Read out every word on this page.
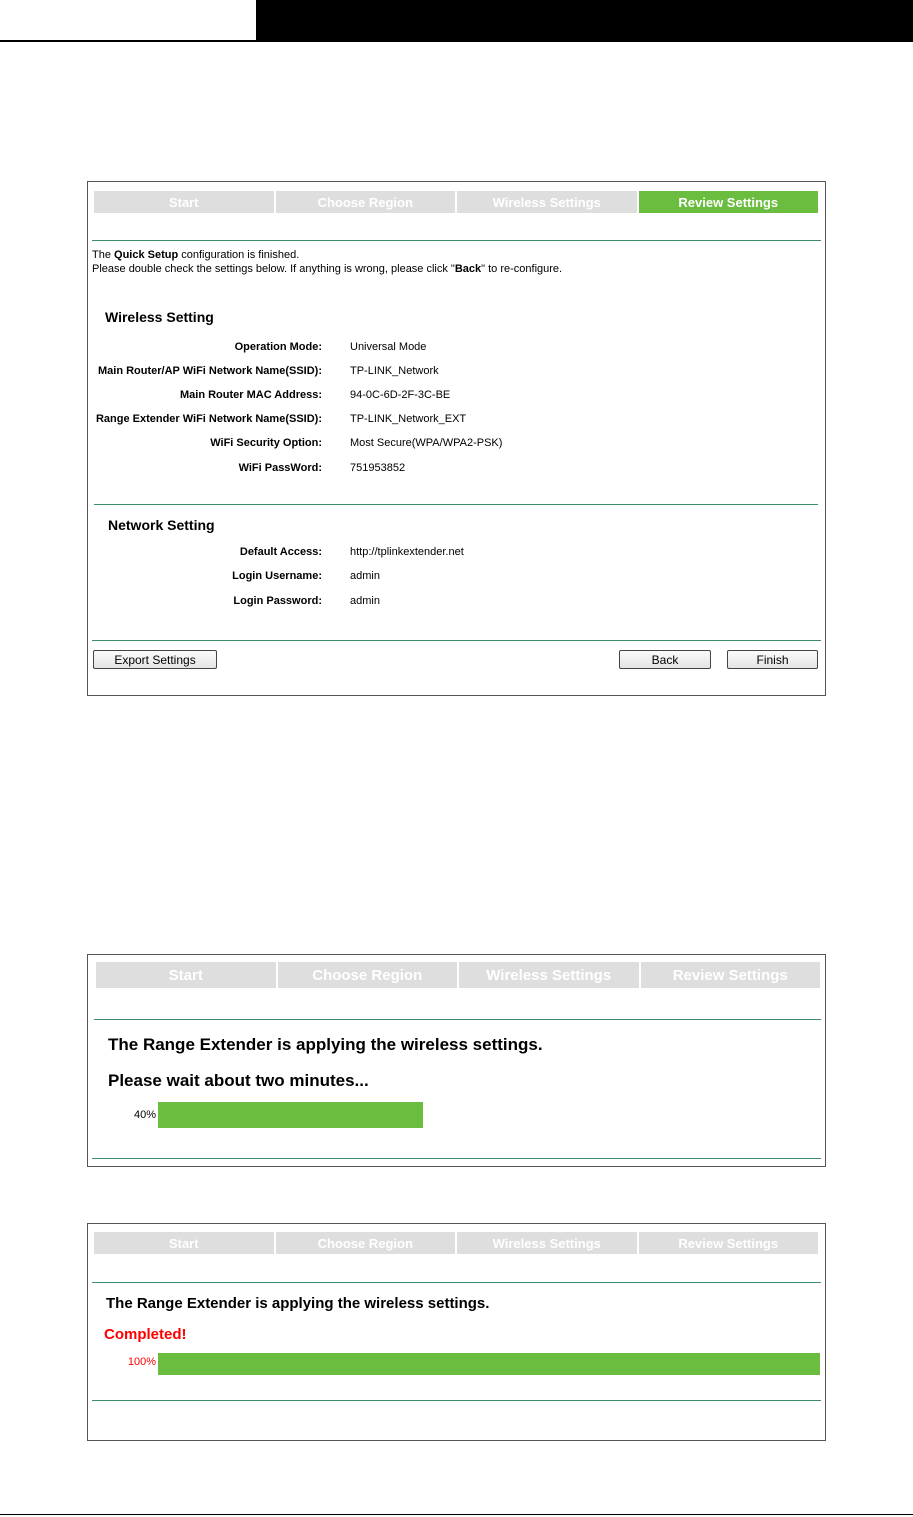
Start	Choose Region	Wireless Settings	Review Settings
The Quick Setup configuration is finished.
Please double check the settings below. If anything is wrong, please click "Back" to re-configure.
Wireless Setting
Operation Mode:	Universal Mode
Main Router/AP WiFi Network Name(SSID):	TP-LINK_Network
Main Router MAC Address:	94-0C-6D-2F-3C-BE
Range Extender WiFi Network Name(SSID):	TP-LINK_Network_EXT
WiFi Security Option:	Most Secure(WPA/WPA2-PSK)
WiFi PassWord:	751953852
Network Setting
Default Access:	http://tplinkextender.net
Login Username:	admin
Login Password:	admin
Export Settings	Back	Finish
Start	Choose Region	Wireless Settings	Review Settings
The Range Extender is applying the wireless settings.
Please wait about two minutes...
40%
Start	Choose Region	Wireless Settings	Review Settings
The Range Extender is applying the wireless settings.
Completed!
100%
